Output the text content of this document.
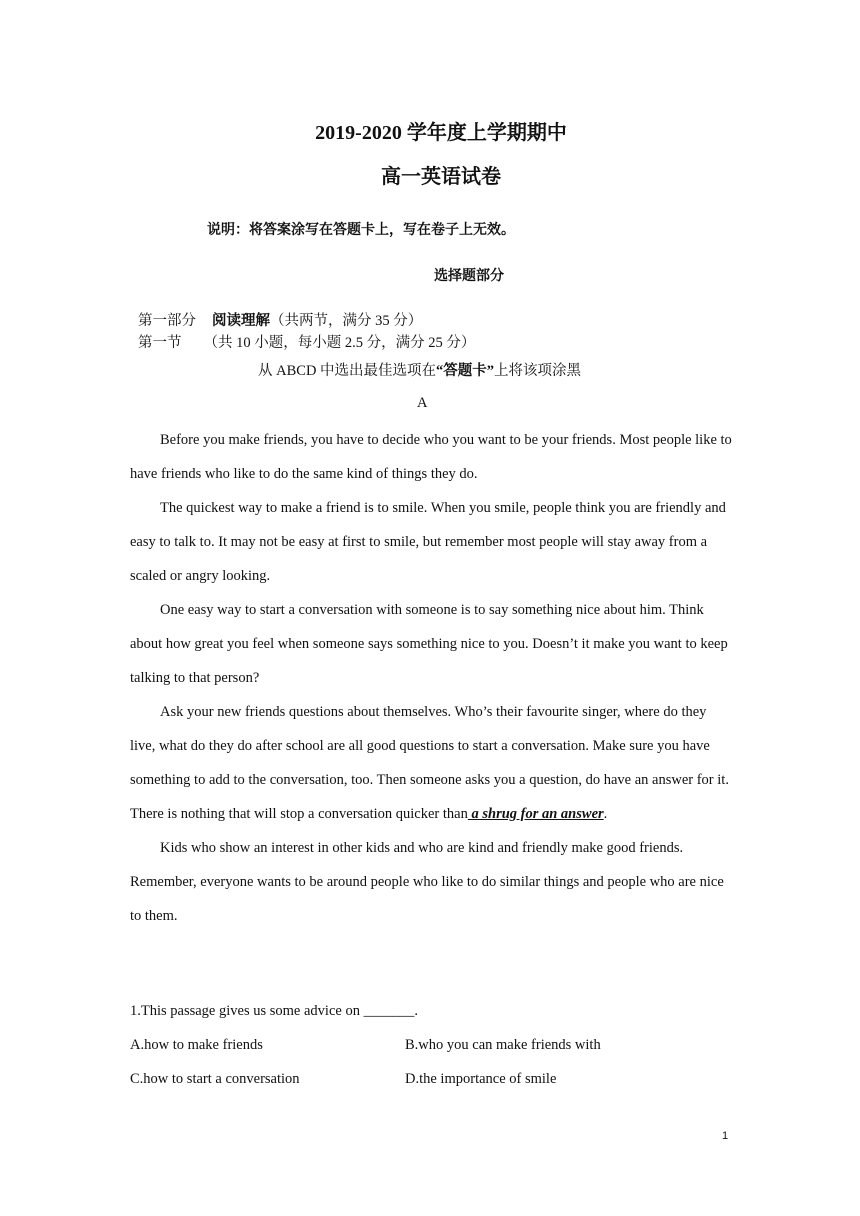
2019-2020 学年度上学期期中
高一英语试卷
说明：将答案涂写在答题卡上，写在卷子上无效。
选择题部分
第一部分 阅读理解（共两节，满分 35 分）
第一节 （共 10 小题，每小题 2.5 分，满分 25 分）
从 ABCD 中选出最佳选项在“答题卡”上将该项涂黑
A

Before you make friends, you have to decide who you want to be your friends. Most people like to have friends who like to do the same kind of things they do.

The quickest way to make a friend is to smile. When you smile, people think you are friendly and easy to talk to. It may not be easy at first to smile, but remember most people will stay away from a scaled or angry looking.

One easy way to start a conversation with someone is to say something nice about him. Think about how great you feel when someone says something nice to you. Doesn’t it make you want to keep talking to that person?

Ask your new friends questions about themselves. Who’s their favourite singer, where do they live, what do they do after school are all good questions to start a conversation. Make sure you have something to add to the conversation, too. Then someone asks you a question, do have an answer for it. There is nothing that will stop a conversation quicker than a shrug for an answer.

Kids who show an interest in other kids and who are kind and friendly make good friends. Remember, everyone wants to be around people who like to do similar things and people who are nice to them.

1.This passage gives us some advice on _______.
A.how to make friends	B.who you can make friends with
C.how to start a conversation	D.the importance of smile
1
